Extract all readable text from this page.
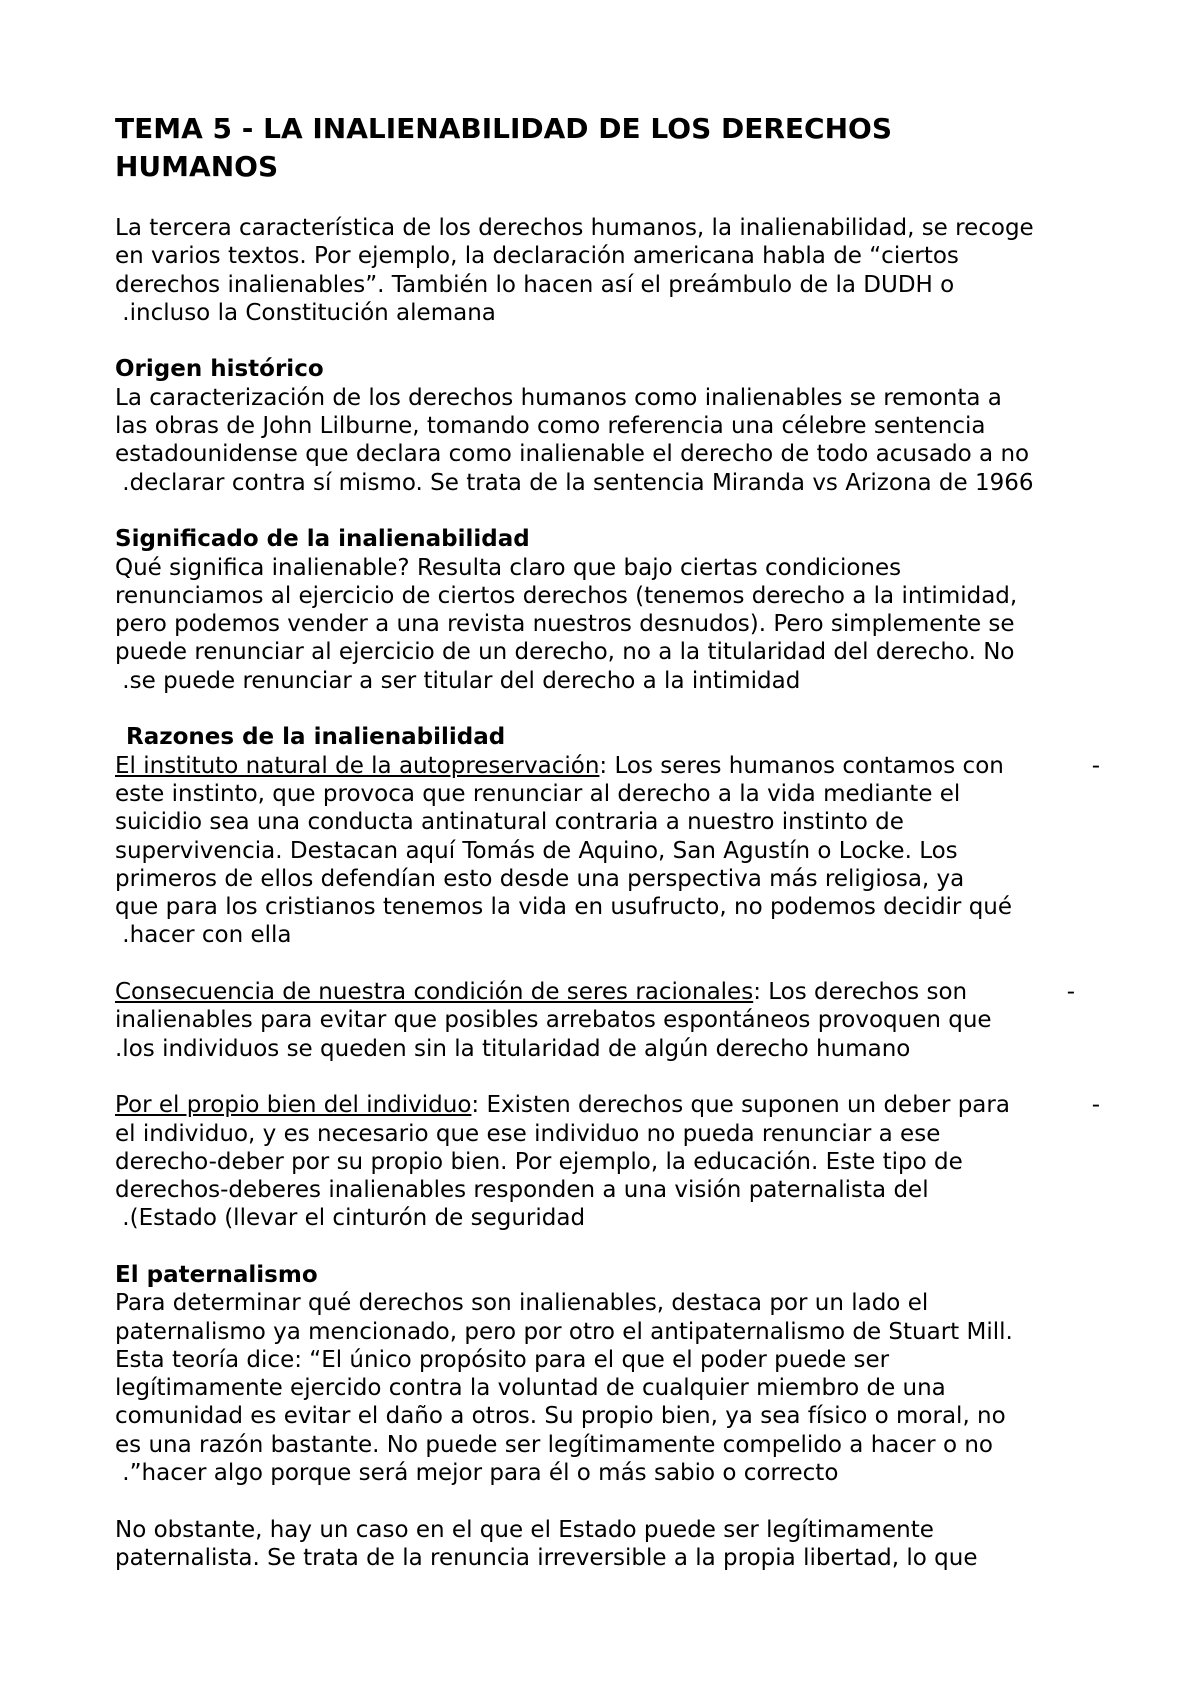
TEMA 5 - LA INALIENABILIDAD DE LOS DERECHOS
HUMANOS
La tercera característica de los derechos humanos, la inalienabilidad, se recoge
en varios textos. Por ejemplo, la declaración americana habla de “ciertos
derechos inalienables”. También lo hacen así el preámbulo de la DUDH o
.incluso la Constitución alemana
Origen histórico
La caracterización de los derechos humanos como inalienables se remonta a
las obras de John Lilburne, tomando como referencia una célebre sentencia
estadounidense que declara como inalienable el derecho de todo acusado a no
.declarar contra sí mismo. Se trata de la sentencia Miranda vs Arizona de 1966
Significado de la inalienabilidad
Qué significa inalienable? Resulta claro que bajo ciertas condiciones
renunciamos al ejercicio de ciertos derechos (tenemos derecho a la intimidad,
pero podemos vender a una revista nuestros desnudos). Pero simplemente se
puede renunciar al ejercicio de un derecho, no a la titularidad del derecho. No
.se puede renunciar a ser titular del derecho a la intimidad
Razones de la inalienabilidad
-
El instituto natural de la autopreservación: Los seres humanos contamos con
este instinto, que provoca que renunciar al derecho a la vida mediante el
suicidio sea una conducta antinatural contraria a nuestro instinto de
supervivencia. Destacan aquí Tomás de Aquino, San Agustín o Locke. Los
primeros de ellos defendían esto desde una perspectiva más religiosa, ya
que para los cristianos tenemos la vida en usufructo, no podemos decidir qué
.hacer con ella
-
Consecuencia de nuestra condición de seres racionales: Los derechos son
inalienables para evitar que posibles arrebatos espontáneos provoquen que
.los individuos se queden sin la titularidad de algún derecho humano
-
Por el propio bien del individuo: Existen derechos que suponen un deber para
el individuo, y es necesario que ese individuo no pueda renunciar a ese
derecho-deber por su propio bien. Por ejemplo, la educación. Este tipo de
derechos-deberes inalienables responden a una visión paternalista del
.(Estado (llevar el cinturón de seguridad
El paternalismo
Para determinar qué derechos son inalienables, destaca por un lado el
paternalismo ya mencionado, pero por otro el antipaternalismo de Stuart Mill.
Esta teoría dice: “El único propósito para el que el poder puede ser
legítimamente ejercido contra la voluntad de cualquier miembro de una
comunidad es evitar el daño a otros. Su propio bien, ya sea físico o moral, no
es una razón bastante. No puede ser legítimamente compelido a hacer o no
.”hacer algo porque será mejor para él o más sabio o correcto
No obstante, hay un caso en el que el Estado puede ser legítimamente
paternalista. Se trata de la renuncia irreversible a la propia libertad, lo que
